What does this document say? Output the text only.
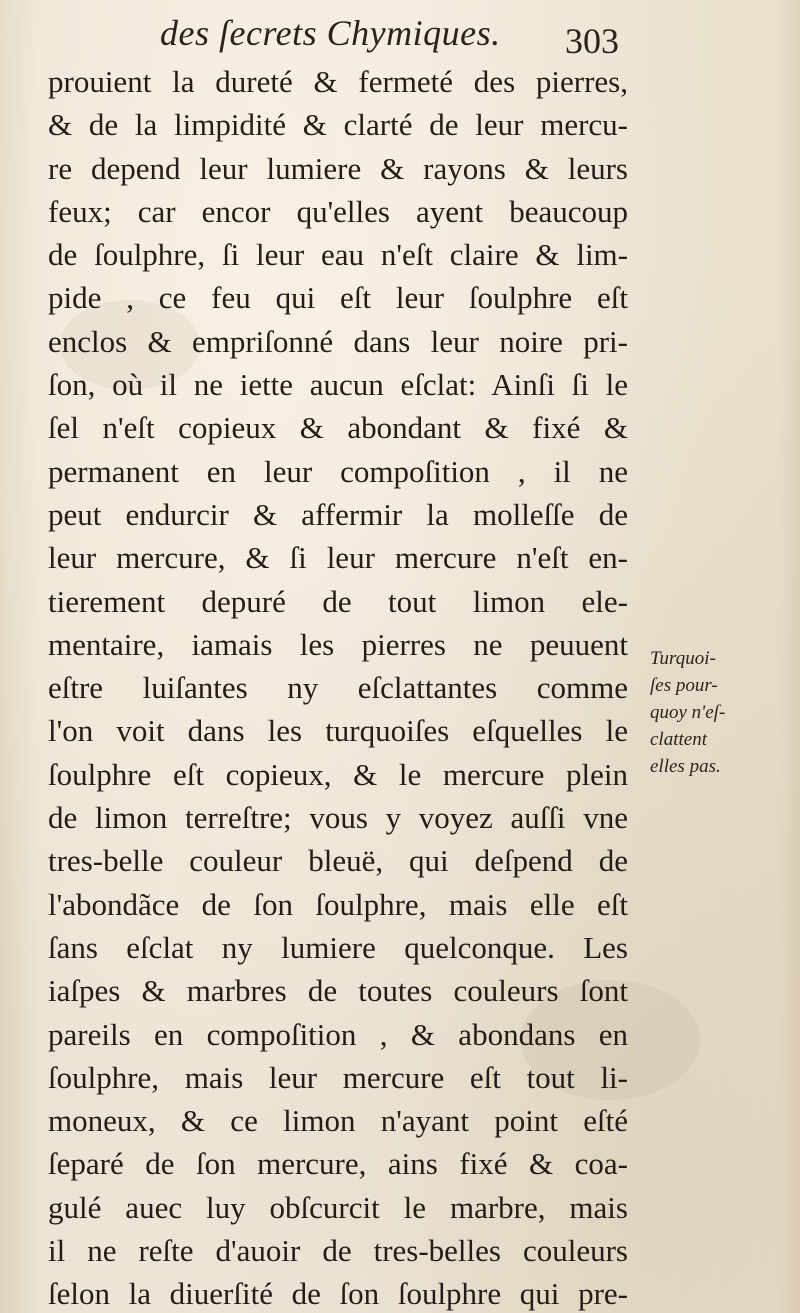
des ſecrets Chymiques. 303
prouient la dureté & fermeté des pierres,
& de la limpidité & clarté de leur mercu-
re depend leur lumiere & rayons & leurs
feux; car encor qu'elles ayent beaucoup
de ſoulphre, ſi leur eau n'eſt claire & lim-
pide , ce feu qui eſt leur ſoulphre eſt
enclos & empriſonné dans leur noire pri-
ſon, où il ne iette aucun eſclat: Ainſi ſi le
ſel n'eſt copieux & abondant & fixé &
permanent en leur compoſition , il ne
peut endurcir & affermir la molleſſe de
leur mercure, & ſi leur mercure n'eſt en-
tierement depuré de tout limon ele-
mentaire, iamais les pierres ne peuuent
eſtre luiſantes ny eſclattantes comme
l'on voit dans les turquoiſes eſquelles le
ſoulphre eſt copieux, & le mercure plein
de limon terreſtre; vous y voyez auſſi vne
tres-belle couleur bleuë, qui deſpend de
l'abondãce de ſon ſoulphre, mais elle eſt
ſans eſclat ny lumiere quelconque. Les
iaſpes & marbres de toutes couleurs ſont
pareils en compoſition , & abondans en
ſoulphre, mais leur mercure eſt tout li-
moneux, & ce limon n'ayant point eſté
ſeparé de ſon mercure, ains fixé & coa-
gulé auec luy obſcurcit le marbre, mais
il ne reſte d'auoir de tres-belles couleurs
ſelon la diuerſité de ſon ſoulphre qui pre-
Turquoi-
ſes pour-
quoy n'eſ-
clattent
elles pas.
